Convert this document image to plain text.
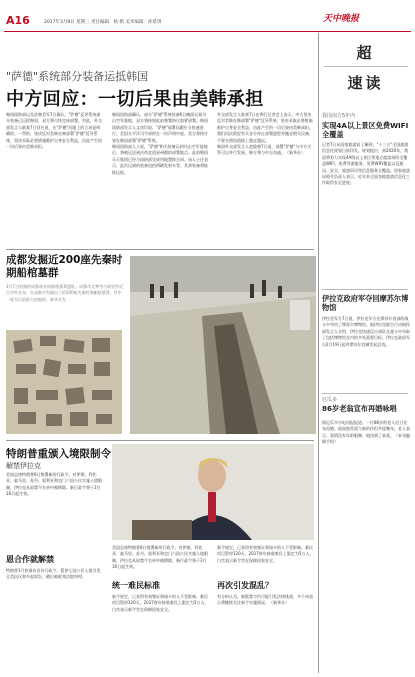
A16	2017年3月8日 星期三 责任编辑：杨 帆 美术编辑：孙希琪	天中晚报
超
速读
我国南方5年内
实现4A以上景区免费WIFI全覆盖
记者7日从国家旅游局了解到，"十三五"全国旅游信息化规划日前印发。规划提出，到2020年，我国将努力实现4A级以上景区等重点旅游场所全覆盖WIFI，免费导游服务、免费WIFI覆盖以及通讯、安全、旅游资讯等信息服务全覆盖。国家旅游局相关负责人表示，近年来全国各地旅游信息化工作取得长足进展。
伊拉克政府军夺回摩苏尔博物馆
伊拉克军方7日说，伊拉克军方在摩苏尔西部的战斗中夺回了摩苏尔博物馆。据伊拉克联合行动指挥部发言人介绍，伊拉克快速反应部队在战斗中夺取了包括博物馆在内的多处重要目标。伊拉克政府军自2月19日起对摩苏尔西城发起总攻。
厄瓜多
86岁老翁宣布再婚咏唱
据厄瓜多尔电讯报报道，一位86岁的老人近日宣布再婚，他说他希望与新的伴侣共度晚年。老人表示，爱情没有年龄限制，他找到了真爱。（本刊编辑手机）
"萨德"系统部分装备运抵韩国
中方回应：一切后果由美韩承担
韩国国防部以及驻韩美军7日确认，"萨德"反导系统部分装备已运抵韩国，双方将尽快完成部署。对此，外交部发言人耿爽7日回应说，在"萨德"问题上的立场是明确的、一贯的，坚决反对美韩在韩部署"萨德"反导系统，坚决采取必要措施维护自身安全利益，由此产生的一切后果由美韩承担。
韩国国防部确认，部分"萨德"系统装备6日晚间运抵乌山空军基地，双方将按照此前签署协议加紧部署。韩国国防部发言人文尚均说，"萨德"部署问题应当快速进行。美国太平洋司令部则在一份声明中说，美方将按计划在韩国部署"萨德"系统。
韩国国防部人士说，"萨德"相关装备运到乌山空军基地后，将被运送到庆尚北道星州郡的部署地点。此前韩国乐天集团已经与国防部完成用地置换合同。该人士还表示，此次运到的装备包括两辆发射车等，其余装备将陆续运抵。
外交部发言人耿爽7日在例行记者会上表示，中方坚决反对美韩在韩部署"萨德"反导系统，坚决采取必要措施维护自身安全利益，由此产生的一切后果由美韩承担。我们再次敦促有关各方停止部署进程并撤走相关设备，不要在错误道路上越走越远。
韩国外交部发言人赵俊赫7日说，部署"萨德"与中方关系可以并行发展。韩方将与中方沟通。（新华社）
成都发掘近200座先秦时期船棺墓群
3月7日拍摄的成都商业街船棺墓葬遗址。成都市文物考古研究所近日对外宣布，在成都市发掘出了约200座先秦时期船棺墓葬，其中一座为目前最大的船棺。新华社发
特朗普重颁入境限制令
解禁伊拉克
美国总统特朗普6日签署新的行政令，对伊朗、利比亚、索马里、苏丹、叙利亚和也门六国公民实施入境限制，伊拉克从原禁令名单中被移除。新行政令将于3月16日起生效。
恩合作就解禁
特朗普1月底颁布首份行政令，暂停七国公民入境引发全美抗议和多起诉讼，随后被联邦法院叫停。
美国总统特朗普6日签署新的行政令，对伊朗、利比亚、索马里、苏丹、叙利亚和也门六国公民实施入境限制，伊拉克从原禁令名单中被移除。新行政令将于3月16日起生效。
统一难民标准
新令规定，已获得有效签证和绿卡的人不受影响，难民项目暂停120天，2017财年接收难民上限定为5万人。白宫表示新令旨在保障国家安全。
新令规定，已获得有效签证和绿卡的人不受影响，难民项目暂停120天，2017财年接收难民上限定为5万人。白宫表示新令旨在保障国家安全。
再次引发混乱？
有分析认为，新版禁令仍可能引发法律挑战，多个州表示将继续关注新令实施情况。（新华社）
